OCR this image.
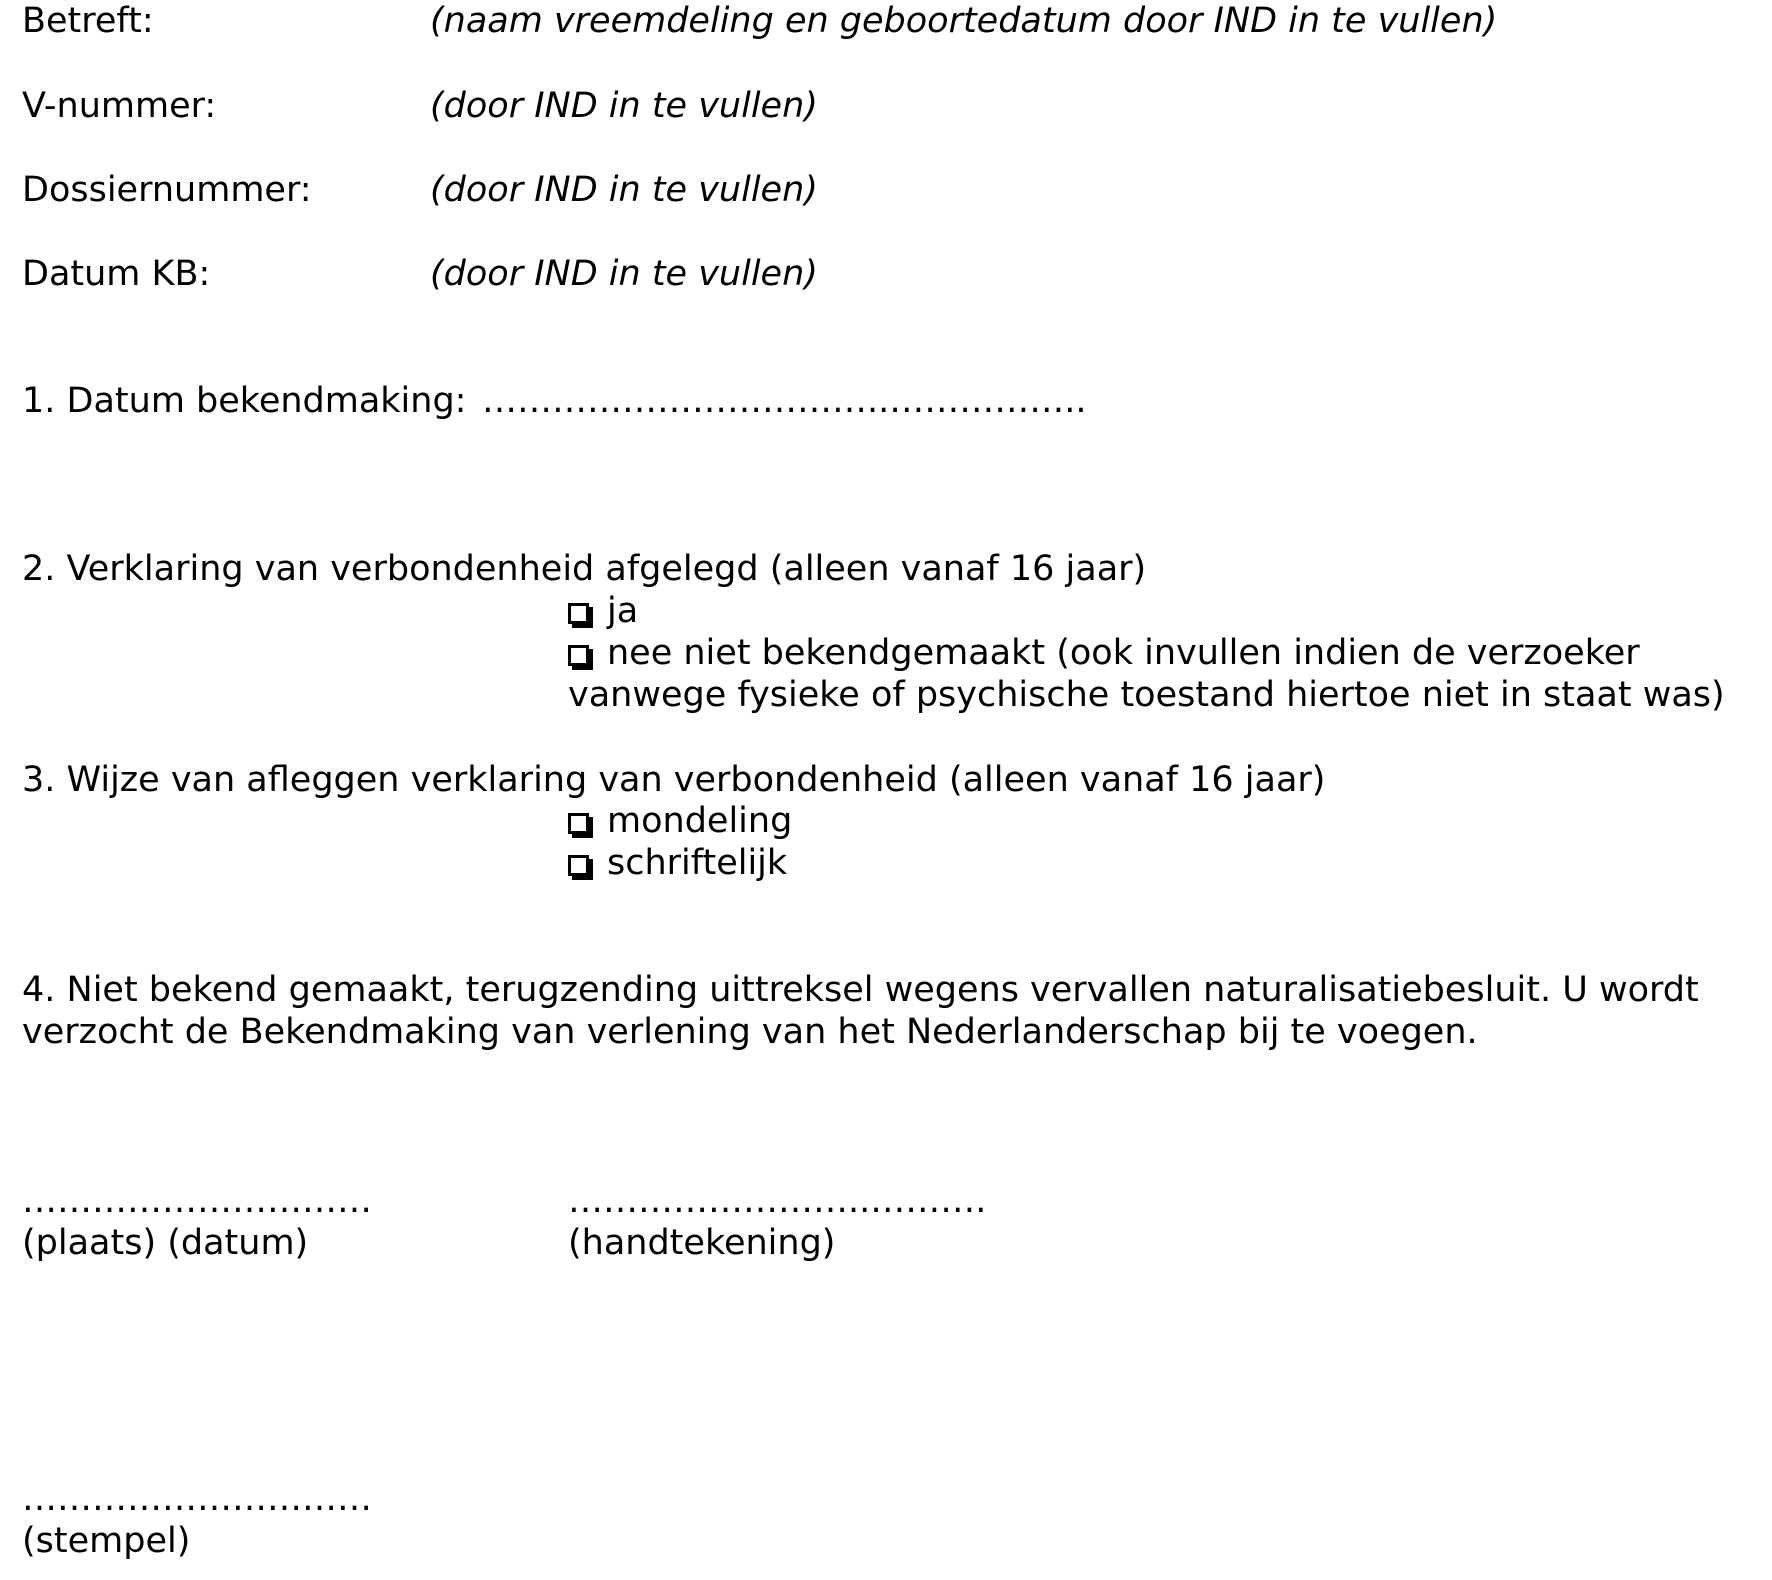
Betreft:	(naam vreemdeling en geboortedatum door IND in te vullen)
V-nummer:	(door IND in te vullen)
Dossiernummer:	(door IND in te vullen)
Datum KB:	(door IND in te vullen)
1. Datum bekendmaking: ……………………………..……………..
2. Verklaring van verbondenheid afgelegd (alleen vanaf 16 jaar)
ja
nee niet bekendgemaakt (ook invullen indien de verzoeker
vanwege fysieke of psychische toestand hiertoe niet in staat was)
3. Wijze van afleggen verklaring van verbondenheid (alleen vanaf 16 jaar)
mondeling
schriftelijk
4. Niet bekend gemaakt, terugzending uittreksel wegens vervallen naturalisatiebesluit. U wordt
verzocht de Bekendmaking van verlening van het Nederlanderschap bij te voegen.
…………………………
(plaats) (datum)
……………………..……….
(handtekening)
…………………………
(stempel)
